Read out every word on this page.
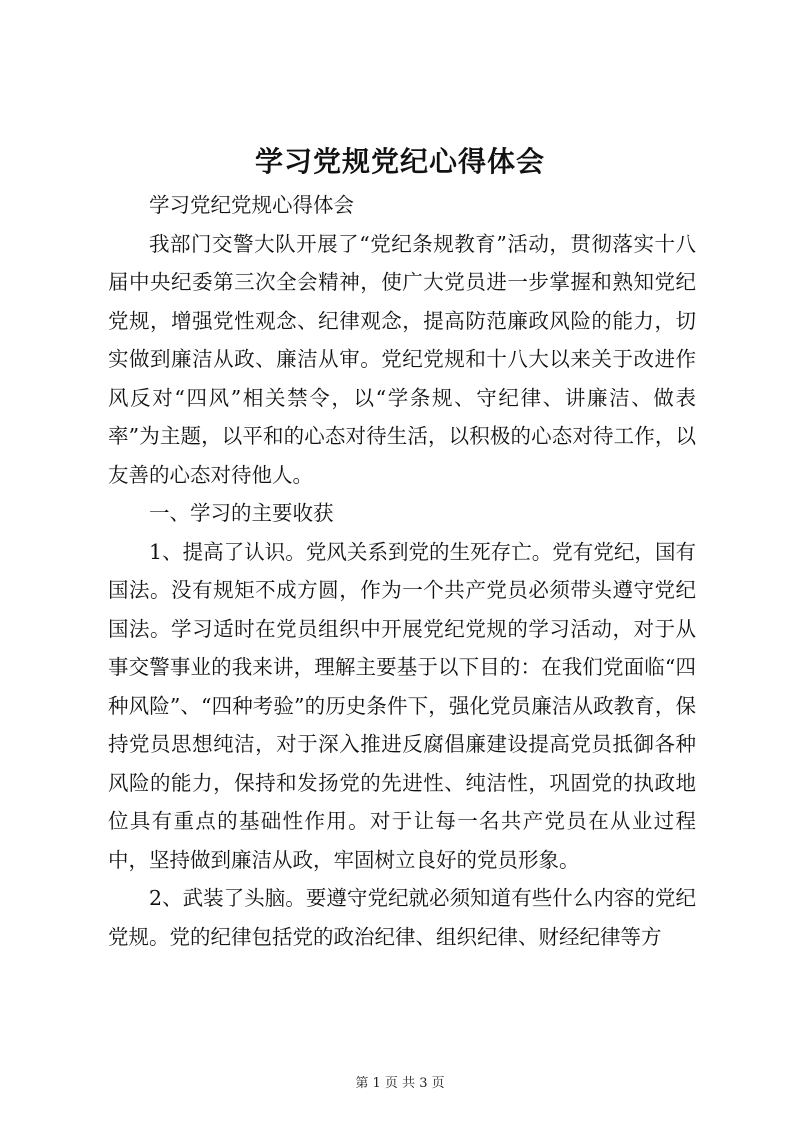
学习党规党纪心得体会

学习党纪党规心得体会

我部门交警大队开展了“党纪条规教育”活动，贯彻落实十八届中央纪委第三次全会精神，使广大党员进一步掌握和熟知党纪党规，增强党性观念、纪律观念，提高防范廉政风险的能力，切实做到廉洁从政、廉洁从审。党纪党规和十八大以来关于改进作风反对“四风”相关禁令，以“学条规、守纪律、讲廉洁、做表率”为主题，以平和的心态对待生活，以积极的心态对待工作，以友善的心态对待他人。

一、学习的主要收获

1、提高了认识。党风关系到党的生死存亡。党有党纪，国有国法。没有规矩不成方圆，作为一个共产党员必须带头遵守党纪国法。学习适时在党员组织中开展党纪党规的学习活动，对于从事交警事业的我来讲，理解主要基于以下目的：在我们党面临“四种风险”、“四种考验”的历史条件下，强化党员廉洁从政教育，保持党员思想纯洁，对于深入推进反腐倡廉建设提高党员抵御各种风险的能力，保持和发扬党的先进性、纯洁性，巩固党的执政地位具有重点的基础性作用。对于让每一名共产党员在从业过程中，坚持做到廉洁从政，牢固树立良好的党员形象。

2、武装了头脑。要遵守党纪就必须知道有些什么内容的党纪党规。党的纪律包括党的政治纪律、组织纪律、财经纪律等方

第 1 页 共 3 页
